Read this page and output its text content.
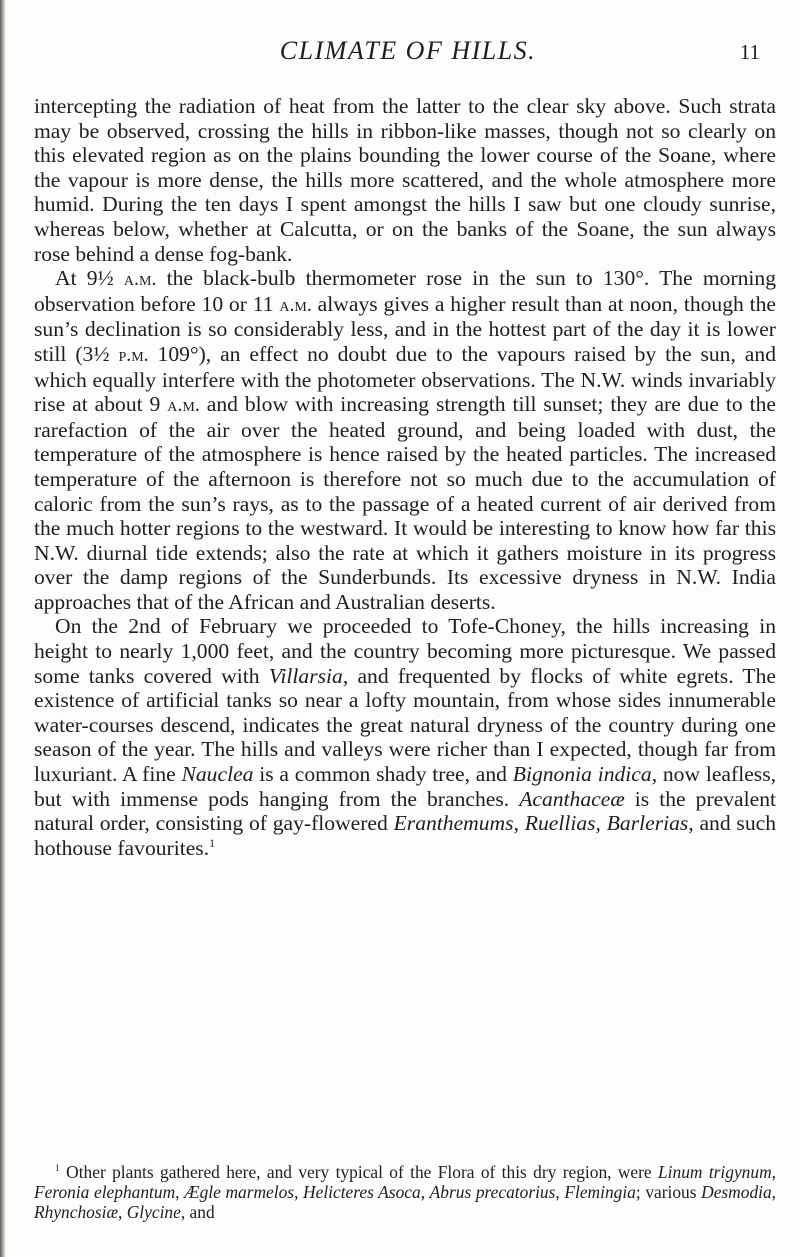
CLIMATE OF HILLS.	11

intercepting the radiation of heat from the latter to the clear sky above. Such strata may be observed, crossing the hills in ribbon-like masses, though not so clearly on this elevated region as on the plains bounding the lower course of the Soane, where the vapour is more dense, the hills more scattered, and the whole atmosphere more humid. During the ten days I spent amongst the hills I saw but one cloudy sunrise, whereas below, whether at Calcutta, or on the banks of the Soane, the sun always rose behind a dense fog-bank.

At 9½ a.m. the black-bulb thermometer rose in the sun to 130°. The morning observation before 10 or 11 a.m. always gives a higher result than at noon, though the sun’s declination is so considerably less, and in the hottest part of the day it is lower still (3½ p.m. 109°), an effect no doubt due to the vapours raised by the sun, and which equally interfere with the photometer observations. The N.W. winds invariably rise at about 9 a.m. and blow with increasing strength till sunset; they are due to the rarefaction of the air over the heated ground, and being loaded with dust, the temperature of the atmosphere is hence raised by the heated particles. The increased temperature of the afternoon is therefore not so much due to the accumulation of caloric from the sun’s rays, as to the passage of a heated current of air derived from the much hotter regions to the westward. It would be interesting to know how far this N.W. diurnal tide extends; also the rate at which it gathers moisture in its progress over the damp regions of the Sunderbunds. Its excessive dryness in N.W. India approaches that of the African and Australian deserts.

On the 2nd of February we proceeded to Tofe-Choney, the hills increasing in height to nearly 1,000 feet, and the country becoming more picturesque. We passed some tanks covered with Villarsia, and frequented by flocks of white egrets. The existence of artificial tanks so near a lofty mountain, from whose sides innumerable water-courses descend, indicates the great natural dryness of the country during one season of the year. The hills and valleys were richer than I expected, though far from luxuriant. A fine Nauclea is a common shady tree, and Bignonia indica, now leafless, but with immense pods hanging from the branches. Acanthaceæ is the prevalent natural order, consisting of gay-flowered Eranthemums, Ruellias, Barlerias, and such hothouse favourites.$^1$

$^1$ Other plants gathered here, and very typical of the Flora of this dry region, were Linum trigynum, Feronia elephantum, Ægle marmelos, Helicteres Asoca, Abrus precatorius, Flemingia; various Desmodia, Rhynchosiæ, Glycine, and
